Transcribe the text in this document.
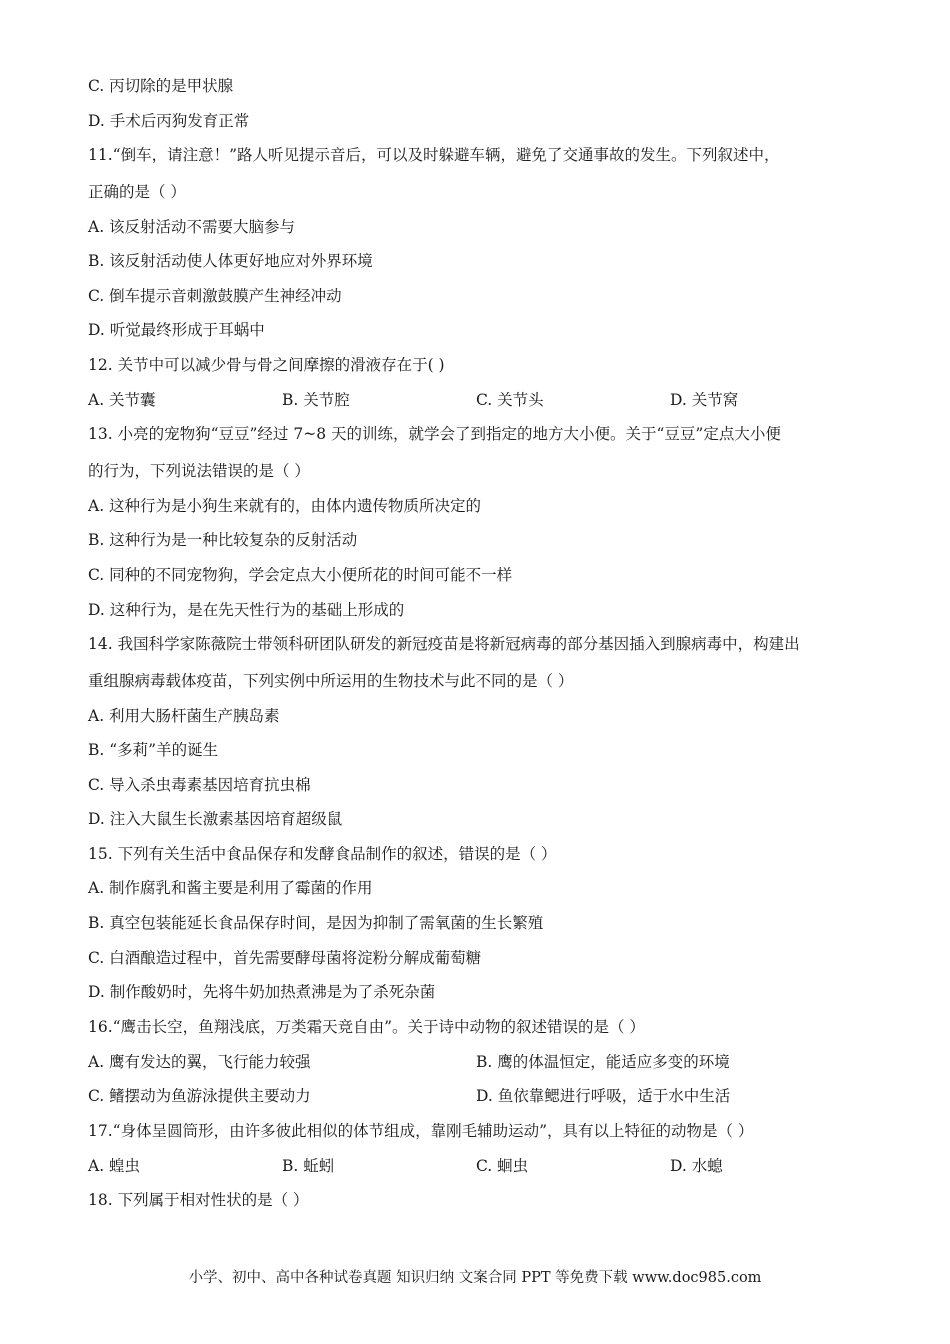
C. 丙切除的是甲状腺
D. 手术后丙狗发育正常
11.“倒车，请注意！”路人听见提示音后，可以及时躲避车辆，避免了交通事故的发生。下列叙述中，
正确的是（ ）
A. 该反射活动不需要大脑参与
B. 该反射活动使人体更好地应对外界环境
C. 倒车提示音刺激鼓膜产生神经冲动
D. 听觉最终形成于耳蜗中
12. 关节中可以减少骨与骨之间摩擦的滑液存在于( )
A. 关节囊	B. 关节腔	C. 关节头	D. 关节窝
13. 小亮的宠物狗“豆豆”经过 7~8 天的训练，就学会了到指定的地方大小便。关于“豆豆”定点大小便
的行为，下列说法错误的是（ ）
A. 这种行为是小狗生来就有的，由体内遗传物质所决定的
B. 这种行为是一种比较复杂的反射活动
C. 同种的不同宠物狗，学会定点大小便所花的时间可能不一样
D. 这种行为，是在先天性行为的基础上形成的
14. 我国科学家陈薇院士带领科研团队研发的新冠疫苗是将新冠病毒的部分基因插入到腺病毒中，构建出
重组腺病毒载体疫苗，下列实例中所运用的生物技术与此不同的是（ ）
A. 利用大肠杆菌生产胰岛素
B. “多莉”羊的诞生
C. 导入杀虫毒素基因培育抗虫棉
D. 注入大鼠生长激素基因培育超级鼠
15. 下列有关生活中食品保存和发酵食品制作的叙述，错误的是（ ）
A. 制作腐乳和酱主要是利用了霉菌的作用
B. 真空包装能延长食品保存时间，是因为抑制了需氧菌的生长繁殖
C. 白酒酿造过程中，首先需要酵母菌将淀粉分解成葡萄糖
D. 制作酸奶时，先将牛奶加热煮沸是为了杀死杂菌
16.“鹰击长空，鱼翔浅底，万类霜天竞自由”。关于诗中动物的叙述错误的是（ ）
A. 鹰有发达的翼，飞行能力较强	B. 鹰的体温恒定，能适应多变的环境
C. 鳍摆动为鱼游泳提供主要动力	D. 鱼依靠鳃进行呼吸，适于水中生活
17.“身体呈圆筒形，由许多彼此相似的体节组成，靠刚毛辅助运动”，具有以上特征的动物是（ ）
A. 蝗虫	B. 蚯蚓	C. 蛔虫	D. 水螅
18. 下列属于相对性状的是（ ）
小学、初中、高中各种试卷真题 知识归纳 文案合同 PPT 等免费下载 www.doc985.com
